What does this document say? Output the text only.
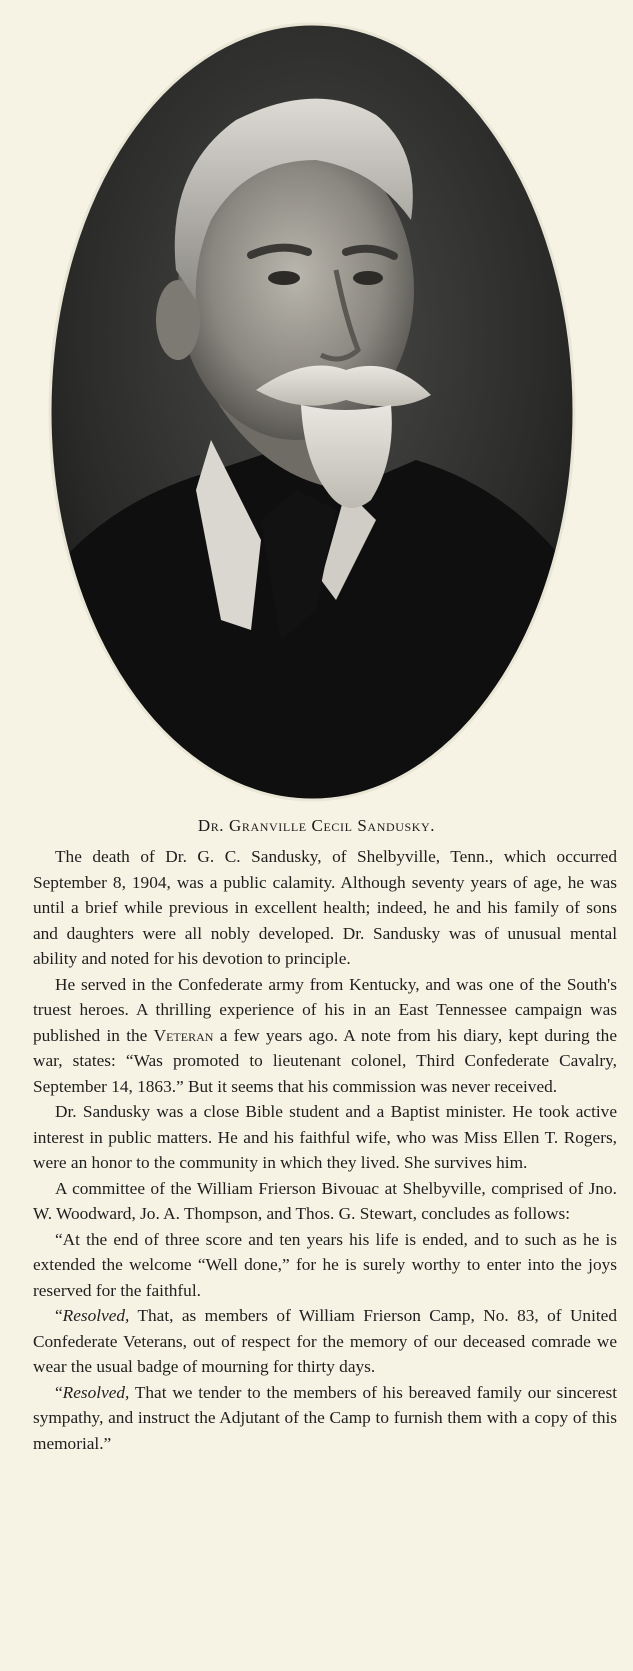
Dr. Granville Cecil Sandusky.

The death of Dr. G. C. Sandusky, of Shelbyville, Tenn., which occurred September 8, 1904, was a public calamity. Although seventy years of age, he was until a brief while previous in excellent health; indeed, he and his family of sons and daughters were all nobly developed. Dr. Sandusky was of unusual mental ability and noted for his devotion to principle.

He served in the Confederate army from Kentucky, and was one of the South's truest heroes. A thrilling experience of his in an East Tennessee campaign was published in the Veteran a few years ago. A note from his diary, kept during the war, states: “Was promoted to lieutenant colonel, Third Confederate Cavalry, September 14, 1863.” But it seems that his commission was never received.

Dr. Sandusky was a close Bible student and a Baptist minister. He took active interest in public matters. He and his faithful wife, who was Miss Ellen T. Rogers, were an honor to the community in which they lived. She survives him.

A committee of the William Frierson Bivouac at Shelbyville, comprised of Jno. W. Woodward, Jo. A. Thompson, and Thos. G. Stewart, concludes as follows:

“At the end of three score and ten years his life is ended, and to such as he is extended the welcome “Well done,” for he is surely worthy to enter into the joys reserved for the faithful.

“Resolved, That, as members of William Frierson Camp, No. 83, of United Confederate Veterans, out of respect for the memory of our deceased comrade we wear the usual badge of mourning for thirty days.

“Resolved, That we tender to the members of his bereaved family our sincerest sympathy, and instruct the Adjutant of the Camp to furnish them with a copy of this memorial.”
